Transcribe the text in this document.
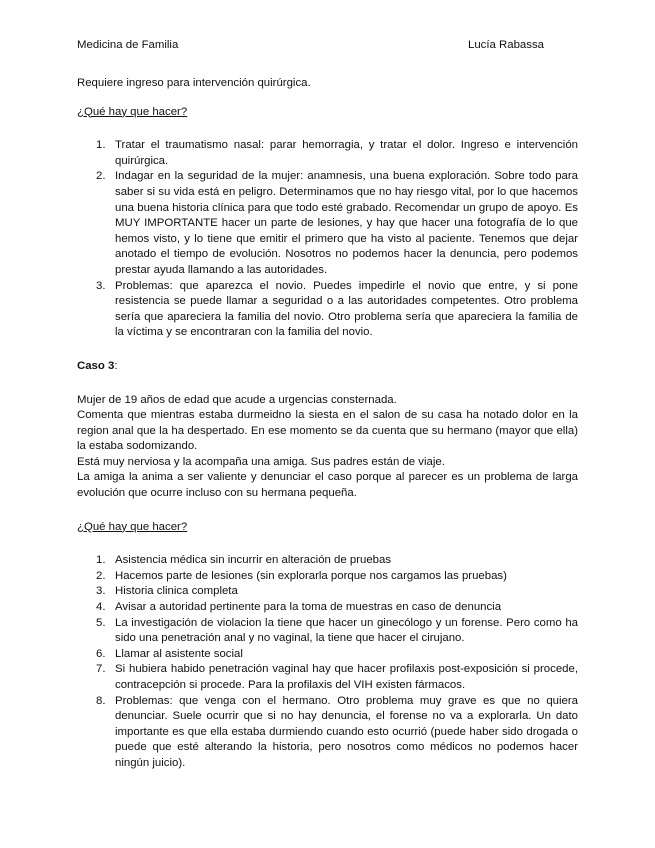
Medicina de Familia	Lucía Rabassa

Requiere ingreso para intervención quirúrgica.

¿Qué hay que hacer?

1. Tratar el traumatismo nasal: parar hemorragia, y tratar el dolor. Ingreso e intervención quirúrgica.
2. Indagar en la seguridad de la mujer: anamnesis, una buena exploración. Sobre todo para saber si su vida está en peligro. Determinamos que no hay riesgo vital, por lo que hacemos una buena historia clínica para que todo esté grabado. Recomendar un grupo de apoyo. Es MUY IMPORTANTE hacer un parte de lesiones, y hay que hacer una fotografía de lo que hemos visto, y lo tiene que emitir el primero que ha visto al paciente. Tenemos que dejar anotado el tiempo de evolución. Nosotros no podemos hacer la denuncia, pero podemos prestar ayuda llamando a las autoridades.
3. Problemas: que aparezca el novio. Puedes impedirle el novio que entre, y si pone resistencia se puede llamar a seguridad o a las autoridades competentes. Otro problema sería que apareciera la familia del novio. Otro problema sería que apareciera la familia de la víctima y se encontraran con la familia del novio.

Caso 3:

Mujer de 19 años de edad que acude a urgencias consternada.

Comenta que mientras estaba durmeidno la siesta en el salon de su casa ha notado dolor en la region anal que la ha despertado. En ese momento se da cuenta que su hermano (mayor que ella) la estaba sodomizando.

Está muy nerviosa y la acompaña una amiga. Sus padres están de viaje.

La amiga la anima a ser valiente y denunciar el caso porque al parecer es un problema de larga evolución que ocurre incluso con su hermana pequeña.

¿Qué hay que hacer?

1. Asistencia médica sin incurrir en alteración de pruebas
2. Hacemos parte de lesiones (sin explorarla porque nos cargamos las pruebas)
3. Historia clinica completa
4. Avisar a autoridad pertinente para la toma de muestras en caso de denuncia
5. La investigación de violacion la tiene que hacer un ginecólogo y un forense. Pero como ha sido una penetración anal y no vaginal, la tiene que hacer el cirujano.
6. Llamar al asistente social
7. Si hubiera habido penetración vaginal hay que hacer profilaxis post-exposición si procede, contracepción si procede. Para la profilaxis del VIH existen fármacos.
8. Problemas: que venga con el hermano. Otro problema muy grave es que no quiera denunciar. Suele ocurrir que si no hay denuncia, el forense no va a explorarla. Un dato importante es que ella estaba durmiendo cuando esto ocurrió (puede haber sido drogada o puede que esté alterando la historia, pero nosotros como médicos no podemos hacer ningún juicio).
